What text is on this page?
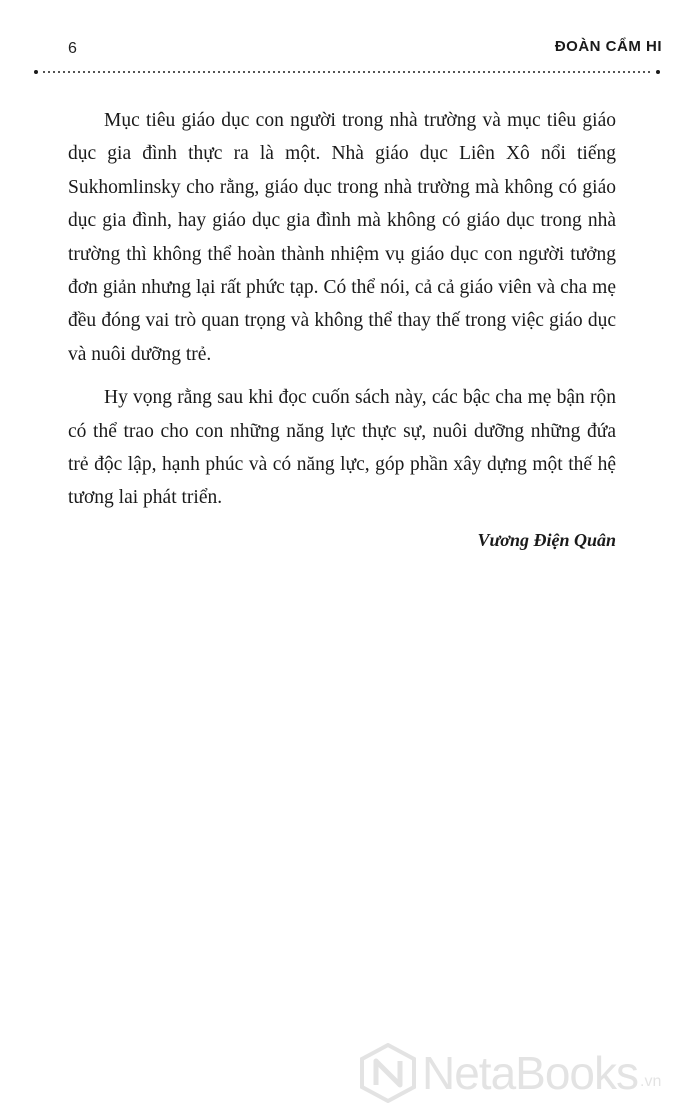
6	ĐOÀN CẨM HI

Mục tiêu giáo dục con người trong nhà trường và mục tiêu giáo dục gia đình thực ra là một. Nhà giáo dục Liên Xô nổi tiếng Sukhomlinsky cho rằng, giáo dục trong nhà trường mà không có giáo dục gia đình, hay giáo dục gia đình mà không có giáo dục trong nhà trường thì không thể hoàn thành nhiệm vụ giáo dục con người tưởng đơn giản nhưng lại rất phức tạp. Có thể nói, cả cả giáo viên và cha mẹ đều đóng vai trò quan trọng và không thể thay thế trong việc giáo dục và nuôi dưỡng trẻ.

Hy vọng rằng sau khi đọc cuốn sách này, các bậc cha mẹ bận rộn có thể trao cho con những năng lực thực sự, nuôi dưỡng những đứa trẻ độc lập, hạnh phúc và có năng lực, góp phần xây dựng một thế hệ tương lai phát triển.

Vương Điện Quân
NetaBooks .vn
